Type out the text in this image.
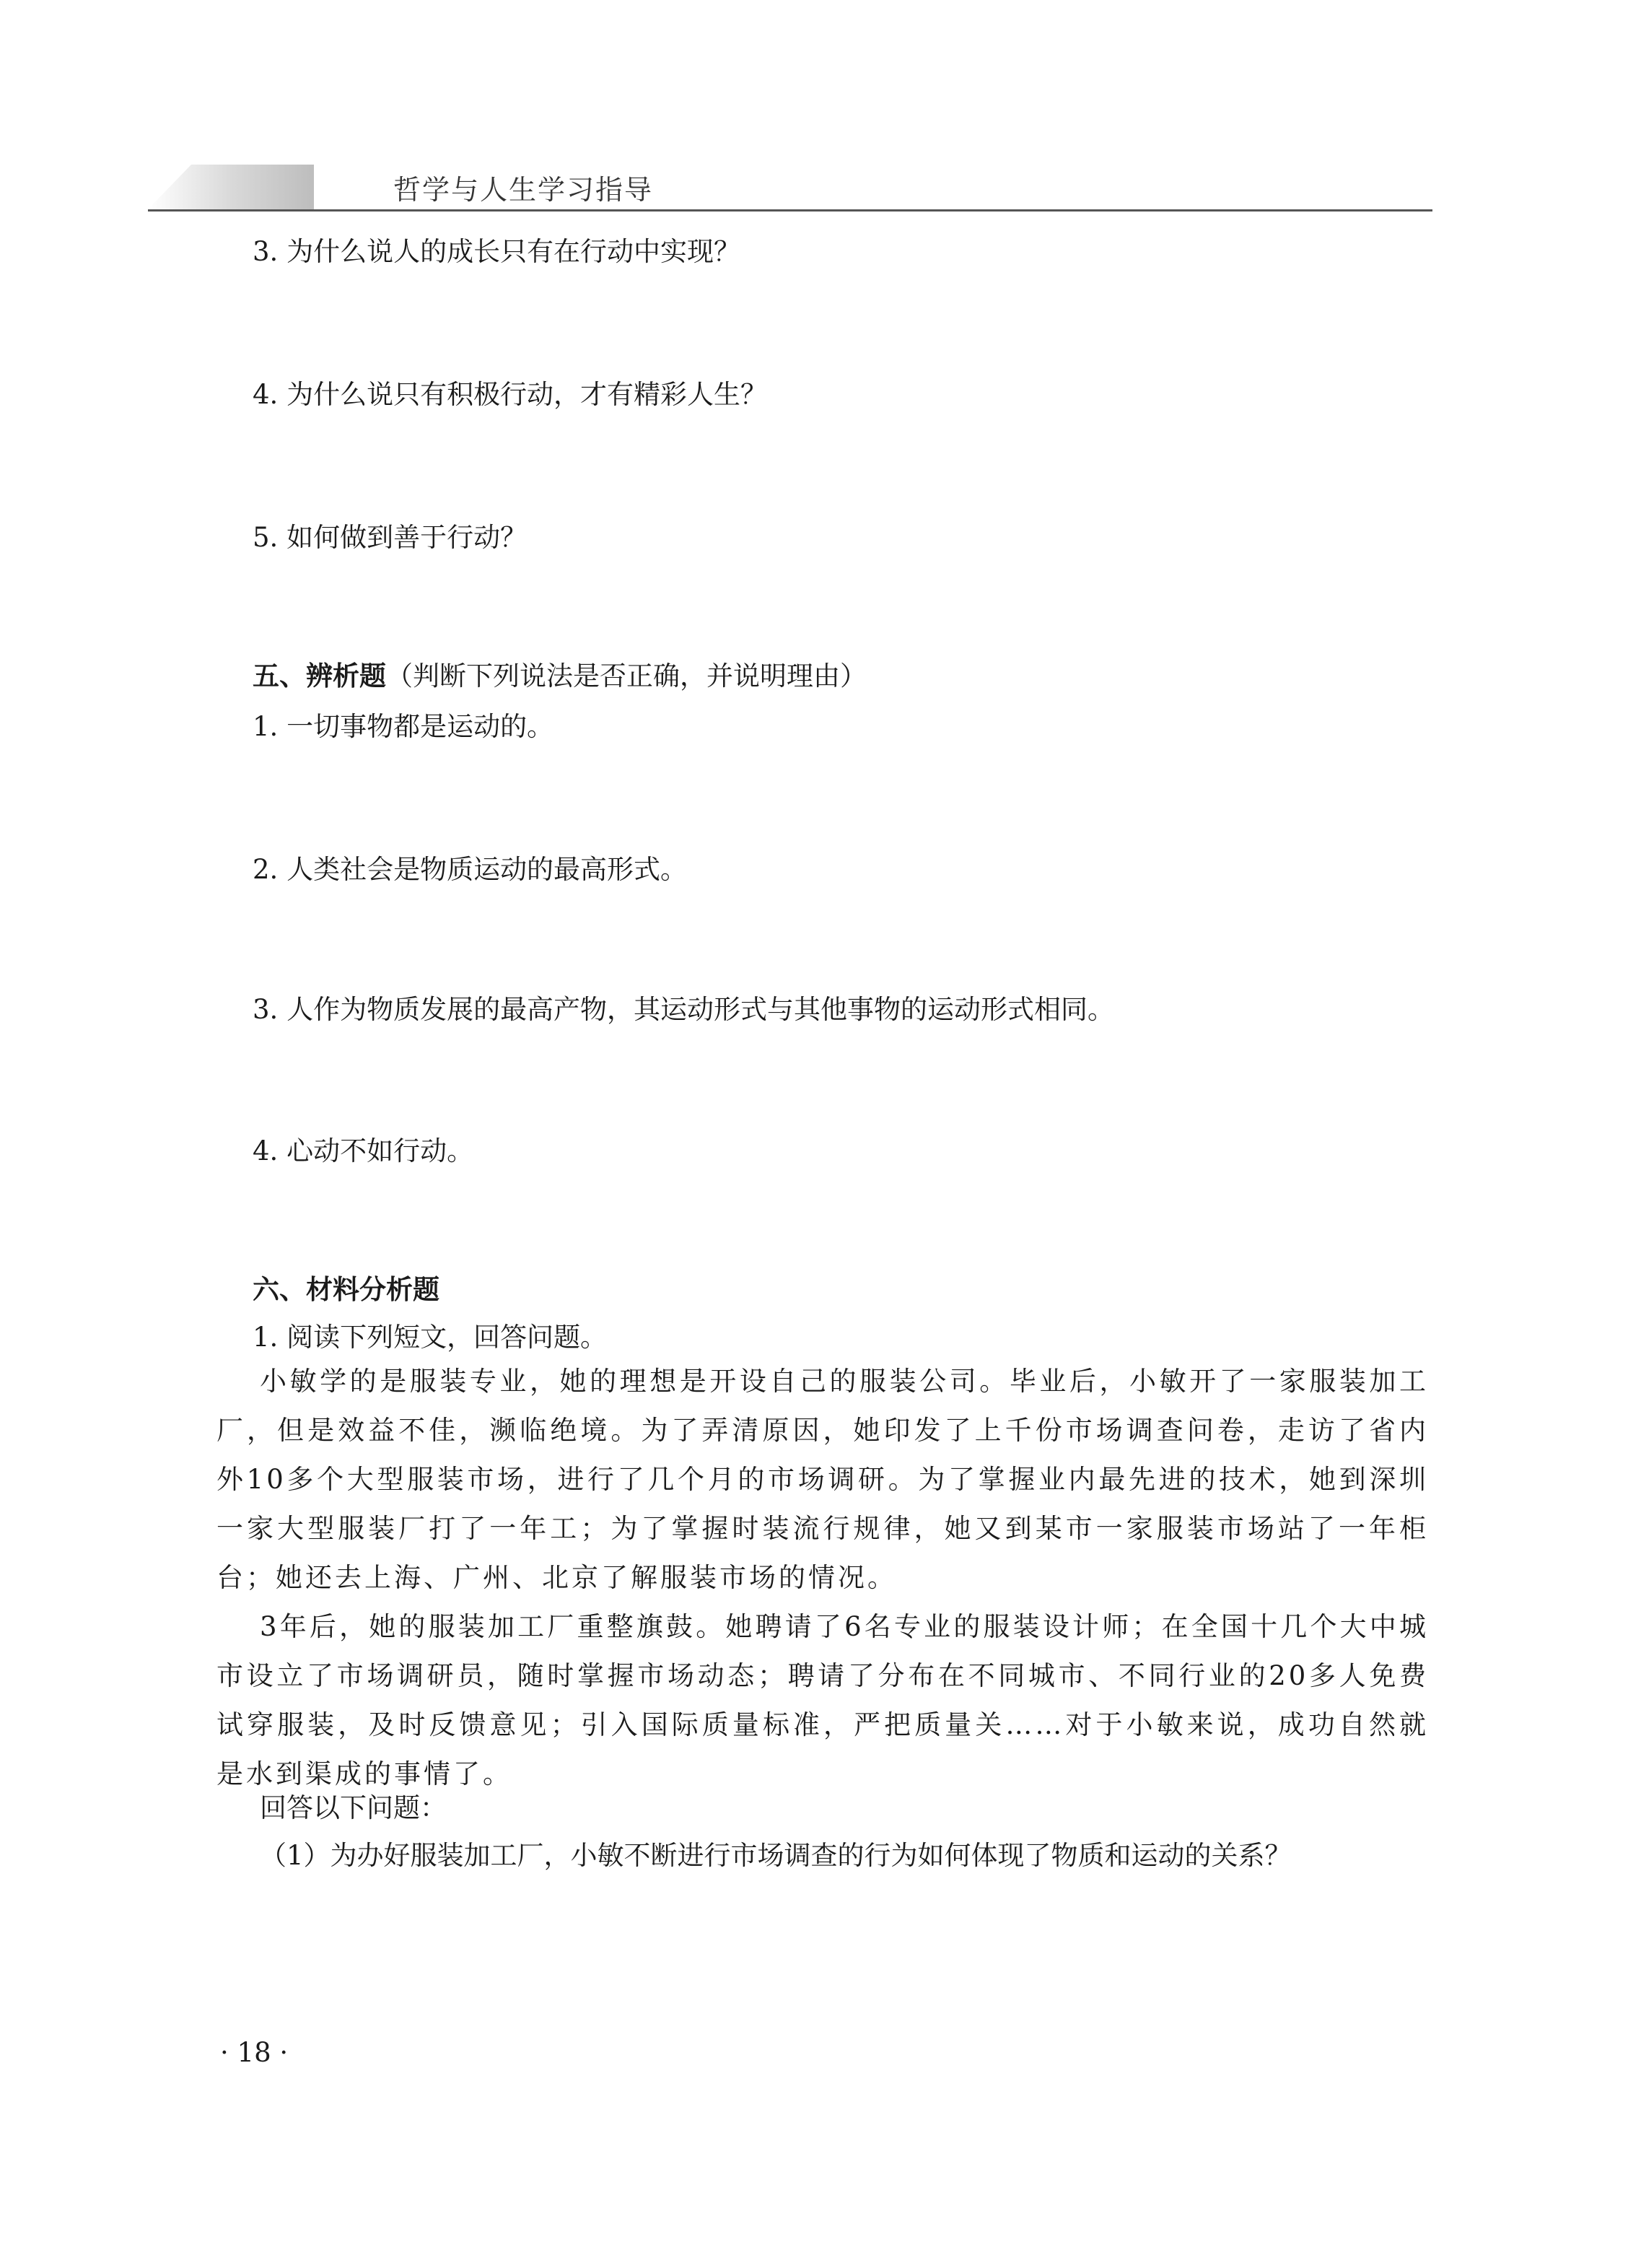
哲学与人生学习指导
3. 为什么说人的成长只有在行动中实现？
4. 为什么说只有积极行动，才有精彩人生？
5. 如何做到善于行动？
五、辨析题（判断下列说法是否正确，并说明理由）
1. 一切事物都是运动的。
2. 人类社会是物质运动的最高形式。
3. 人作为物质发展的最高产物，其运动形式与其他事物的运动形式相同。
4. 心动不如行动。
六、材料分析题
1. 阅读下列短文，回答问题。

小敏学的是服装专业，她的理想是开设自己的服装公司。毕业后，小敏开了一家服装加工厂，但是效益不佳，濒临绝境。为了弄清原因，她印发了上千份市场调查问卷，走访了省内外10多个大型服装市场，进行了几个月的市场调研。为了掌握业内最先进的技术，她到深圳一家大型服装厂打了一年工；为了掌握时装流行规律，她又到某市一家服装市场站了一年柜台；她还去上海、广州、北京了解服装市场的情况。

3年后，她的服装加工厂重整旗鼓。她聘请了6名专业的服装设计师；在全国十几个大中城市设立了市场调研员，随时掌握市场动态；聘请了分布在不同城市、不同行业的20多人免费试穿服装，及时反馈意见；引入国际质量标准，严把质量关……对于小敏来说，成功自然就是水到渠成的事情了。

回答以下问题：
（1）为办好服装加工厂，小敏不断进行市场调查的行为如何体现了物质和运动的关系？
· 18 ·
